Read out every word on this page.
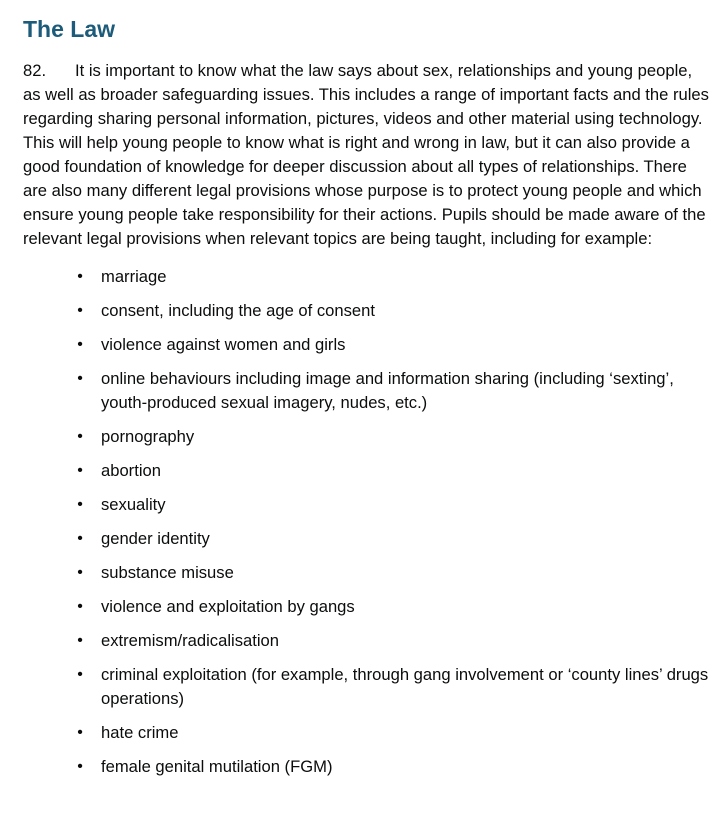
The Law

82. It is important to know what the law says about sex, relationships and young people, as well as broader safeguarding issues. This includes a range of important facts and the rules regarding sharing personal information, pictures, videos and other material using technology. This will help young people to know what is right and wrong in law, but it can also provide a good foundation of knowledge for deeper discussion about all types of relationships. There are also many different legal provisions whose purpose is to protect young people and which ensure young people take responsibility for their actions. Pupils should be made aware of the relevant legal provisions when relevant topics are being taught, including for example:

• marriage
• consent, including the age of consent
• violence against women and girls
• online behaviours including image and information sharing (including ‘sexting’, youth-produced sexual imagery, nudes, etc.)
• pornography
• abortion
• sexuality
• gender identity
• substance misuse
• violence and exploitation by gangs
• extremism/radicalisation
• criminal exploitation (for example, through gang involvement or ‘county lines’ drugs operations)
• hate crime
• female genital mutilation (FGM)
